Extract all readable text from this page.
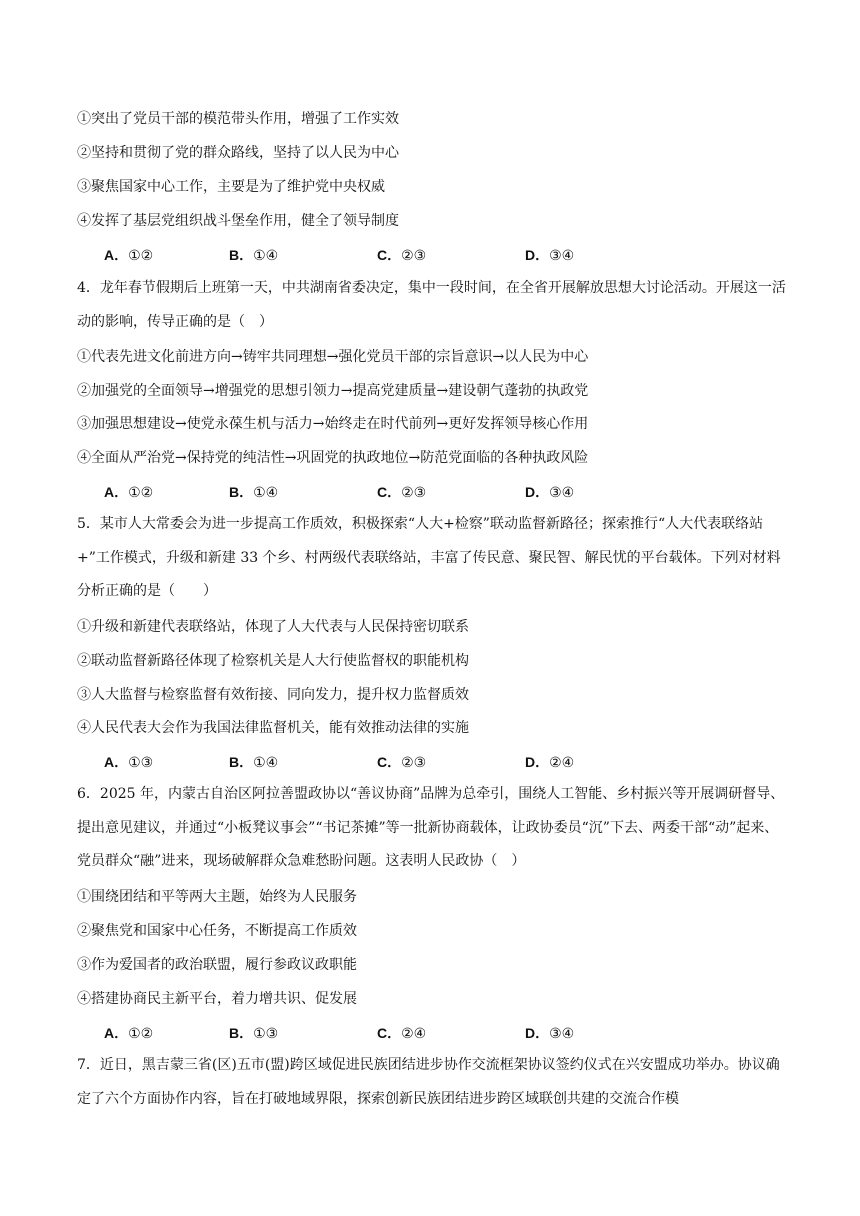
①突出了党员干部的模范带头作用，增强了工作实效
②坚持和贯彻了党的群众路线，坚持了以人民为中心
③聚焦国家中心工作，主要是为了维护党中央权威
④发挥了基层党组织战斗堡垒作用，健全了领导制度
A．①②	B．①④	C．②③	D．③④
4．龙年春节假期后上班第一天，中共湖南省委决定，集中一段时间，在全省开展解放思想大讨论活动。开展这一活动的影响，传导正确的是（　）
①代表先进文化前进方向→铸牢共同理想→强化党员干部的宗旨意识→以人民为中心
②加强党的全面领导→增强党的思想引领力→提高党建质量→建设朝气蓬勃的执政党
③加强思想建设→使党永葆生机与活力→始终走在时代前列→更好发挥领导核心作用
④全面从严治党→保持党的纯洁性→巩固党的执政地位→防范党面临的各种执政风险
A．①②	B．①④	C．②③	D．③④
5．某市人大常委会为进一步提高工作质效，积极探索“人大+检察”联动监督新路径；探索推行“人大代表联络站+”工作模式，升级和新建 33 个乡、村两级代表联络站，丰富了传民意、聚民智、解民忧的平台载体。下列对材料分析正确的是（　　）
①升级和新建代表联络站，体现了人大代表与人民保持密切联系
②联动监督新路径体现了检察机关是人大行使监督权的职能机构
③人大监督与检察监督有效衔接、同向发力，提升权力监督质效
④人民代表大会作为我国法律监督机关，能有效推动法律的实施
A．①③	B．①④	C．②③	D．②④
6．2025 年，内蒙古自治区阿拉善盟政协以“善议协商”品牌为总牵引，围绕人工智能、乡村振兴等开展调研督导、提出意见建议，并通过“小板凳议事会”“书记茶摊”等一批新协商载体，让政协委员“沉”下去、两委干部“动”起来、党员群众“融”进来，现场破解群众急难愁盼问题。这表明人民政协（　）
①围绕团结和平等两大主题，始终为人民服务
②聚焦党和国家中心任务，不断提高工作质效
③作为爱国者的政治联盟，履行参政议政职能
④搭建协商民主新平台，着力增共识、促发展
A．①②	B．①③	C．②④	D．③④
7．近日，黑吉蒙三省(区)五市(盟)跨区域促进民族团结进步协作交流框架协议签约仪式在兴安盟成功举办。协议确定了六个方面协作内容，旨在打破地域界限，探索创新民族团结进步跨区域联创共建的交流合作模
